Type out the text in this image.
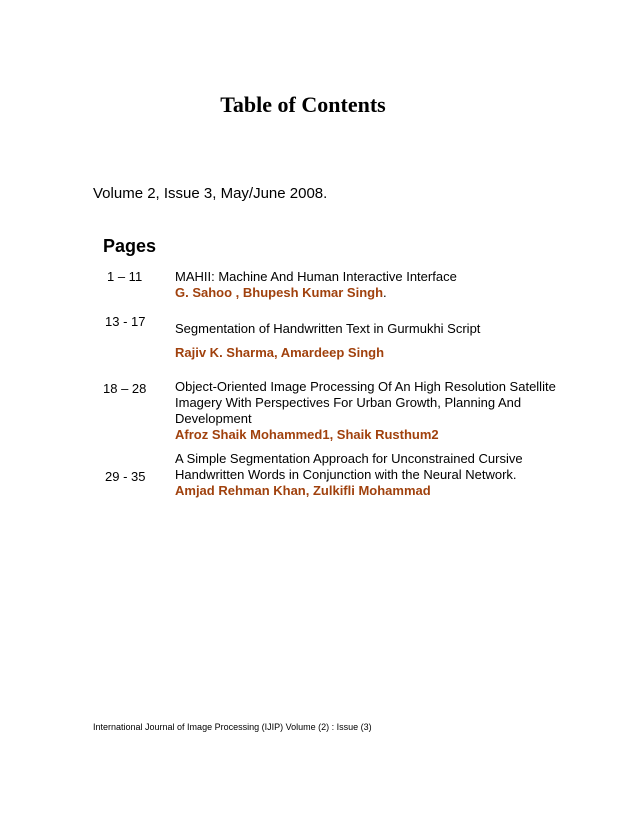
Table of Contents
Volume 2, Issue 3, May/June 2008.
Pages
1 – 11	MAHII: Machine And Human Interactive Interface
G. Sahoo , Bhupesh Kumar Singh.
13 - 17 Segmentation of Handwritten Text in Gurmukhi Script
Rajiv K. Sharma, Amardeep Singh
18 – 28 Object-Oriented Image Processing Of An High Resolution Satellite Imagery With Perspectives For Urban Growth, Planning And Development
Afroz Shaik Mohammed1, Shaik Rusthum2
29 - 35
A Simple Segmentation Approach for Unconstrained Cursive Handwritten Words in Conjunction with the Neural Network.
Amjad Rehman Khan, Zulkifli Mohammad
International Journal of Image Processing (IJIP) Volume (2) : Issue (3)
